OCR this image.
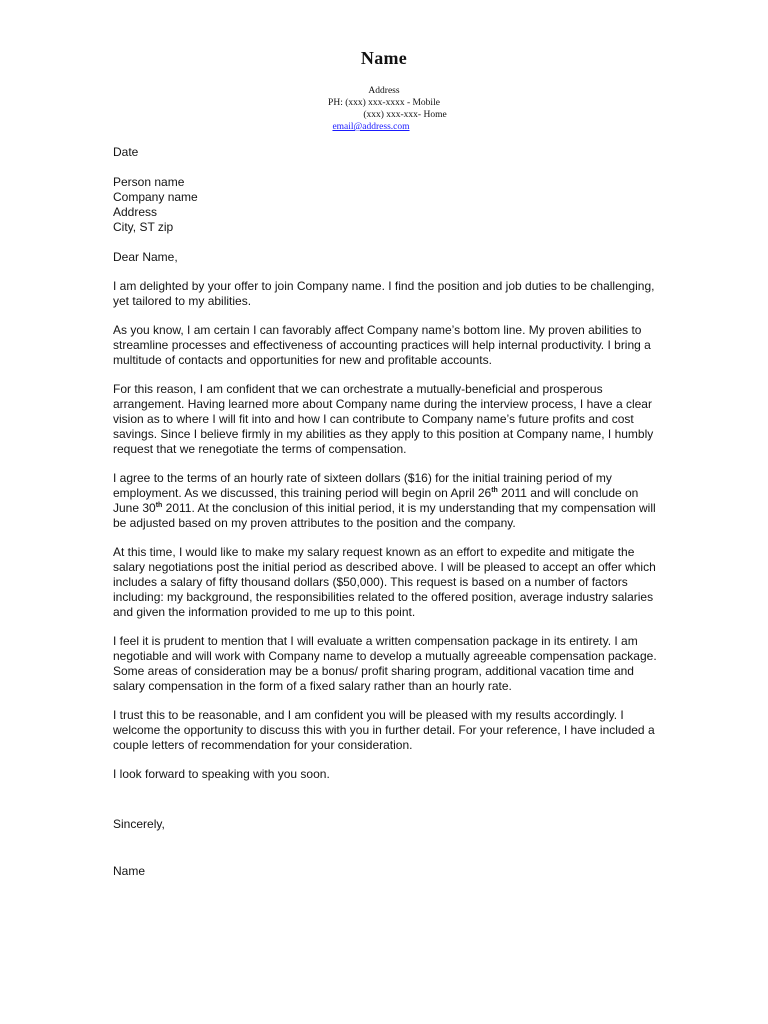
Name
Address
PH: (xxx) xxx-xxxx - Mobile
(xxx) xxx-xxx- Home
email@address.com
Date
Person name
Company name
Address
City, ST zip
Dear Name,

I am delighted by your offer to join Company name. I find the position and job duties to be challenging,
yet tailored to my abilities.

As you know, I am certain I can favorably affect Company name’s bottom line. My proven abilities to
streamline processes and effectiveness of accounting practices will help internal productivity. I bring a
multitude of contacts and opportunities for new and profitable accounts.

For this reason, I am confident that we can orchestrate a mutually-beneficial and prosperous
arrangement. Having learned more about Company name during the interview process, I have a clear
vision as to where I will fit into and how I can contribute to Company name’s future profits and cost
savings. Since I believe firmly in my abilities as they apply to this position at Company name, I humbly
request that we renegotiate the terms of compensation.

I agree to the terms of an hourly rate of sixteen dollars ($16) for the initial training period of my
employment. As we discussed, this training period will begin on April 26th 2011 and will conclude on
June 30th 2011. At the conclusion of this initial period, it is my understanding that my compensation will
be adjusted based on my proven attributes to the position and the company.

At this time, I would like to make my salary request known as an effort to expedite and mitigate the
salary negotiations post the initial period as described above. I will be pleased to accept an offer which
includes a salary of fifty thousand dollars ($50,000). This request is based on a number of factors
including: my background, the responsibilities related to the offered position, average industry salaries
and given the information provided to me up to this point.

I feel it is prudent to mention that I will evaluate a written compensation package in its entirety. I am
negotiable and will work with Company name to develop a mutually agreeable compensation package.
Some areas of consideration may be a bonus/ profit sharing program, additional vacation time and
salary compensation in the form of a fixed salary rather than an hourly rate.

I trust this to be reasonable, and I am confident you will be pleased with my results accordingly. I
welcome the opportunity to discuss this with you in further detail. For your reference, I have included a
couple letters of recommendation for your consideration.

I look forward to speaking with you soon.

Sincerely,
Name
